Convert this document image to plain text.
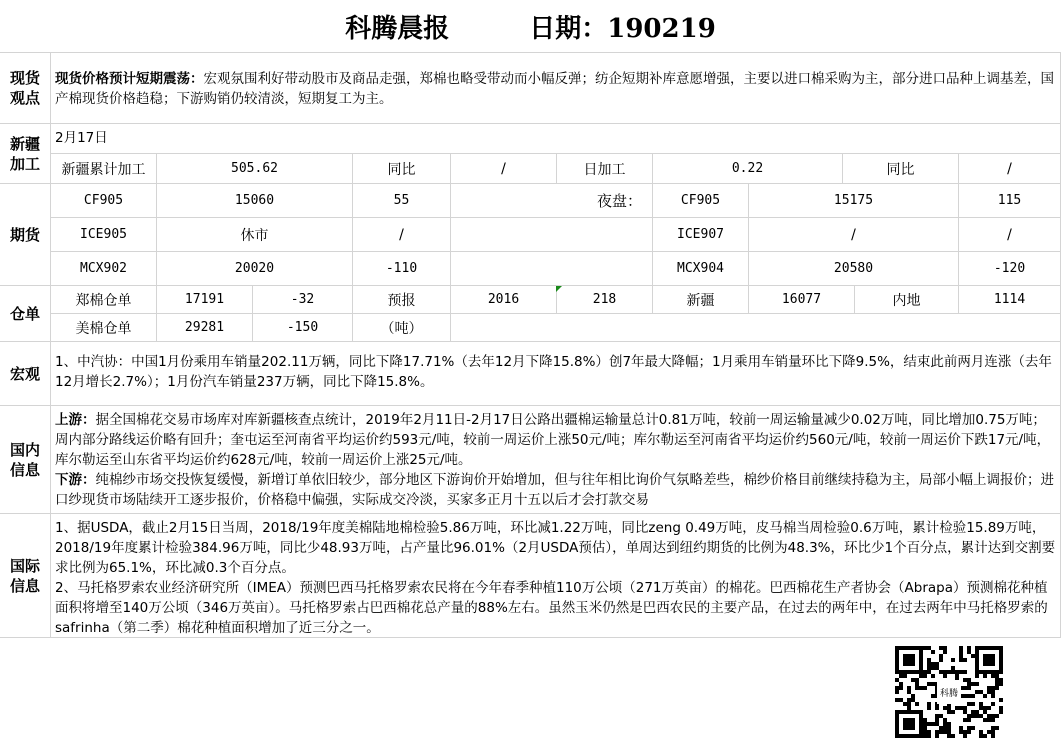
科腾晨报	日期：190219
现货观点
现货价格预计短期震荡：宏观氛围利好带动股市及商品走强，郑棉也略受带动而小幅反弹；纺企短期补库意愿增强，主要以进口棉采购为主，部分进口品种上调基差，国产棉现货价格趋稳；下游购销仍较清淡，短期复工为主。
新疆加工
2月17日
新疆累计加工	505.62	同比	/	日加工	0.22	同比	/
期货
CF905	15060	55	夜盘：	CF905	15175	115
ICE905	休市	/	ICE907	/	/
MCX902	20020	-110	MCX904	20580	-120
仓单
郑棉仓单	17191	-32	预报	2016	218	新疆	16077	内地	1114
美棉仓单	29281	-150	（吨）
宏观
1、中汽协：中国1月份乘用车销量202.11万辆，同比下降17.71%（去年12月下降15.8%）创7年最大降幅；1月乘用车销量环比下降9.5%，结束此前两月连涨（去年12月增长2.7%）；1月份汽车销量237万辆，同比下降15.8%。
国内信息
上游：据全国棉花交易市场库对库新疆核查点统计，2019年2月11日-2月17日公路出疆棉运输量总计0.81万吨，较前一周运输量减少0.02万吨，同比增加0.75万吨；周内部分路线运价略有回升；奎屯运至河南省平均运价约593元/吨，较前一周运价上涨50元/吨；库尔勒运至河南省平均运价约560元/吨，较前一周运价下跌17元/吨，库尔勒运至山东省平均运价约628元/吨，较前一周运价上涨25元/吨。
下游：纯棉纱市场交投恢复缓慢，新增订单依旧较少，部分地区下游询价开始增加，但与往年相比询价气氛略差些，棉纱价格目前继续持稳为主，局部小幅上调报价；进口纱现货市场陆续开工逐步报价，价格稳中偏强，实际成交冷淡，买家多正月十五以后才会打款交易
国际信息
1、据USDA，截止2月15日当周，2018/19年度美棉陆地棉检验5.86万吨，环比减1.22万吨，同比zeng 0.49万吨，皮马棉当周检验0.6万吨，累计检验15.89万吨，2018/19年度累计检验384.96万吨，同比少48.93万吨，占产量比96.01%（2月USDA预估），单周达到纽约期货的比例为48.3%，环比少1个百分点，累计达到交割要求比例为65.1%，环比减0.3个百分点。
2、马托格罗索农业经济研究所（IMEA）预测巴西马托格罗索农民将在今年春季种植110万公顷（271万英亩）的棉花。巴西棉花生产者协会（Abrapa）预测棉花种植面积将增至140万公顷（346万英亩）。马托格罗索占巴西棉花总产量的88%左右。虽然玉米仍然是巴西农民的主要产品，在过去的两年中，在过去两年中马托格罗索的safrinha（第二季）棉花种植面积增加了近三分之一。
科腾
